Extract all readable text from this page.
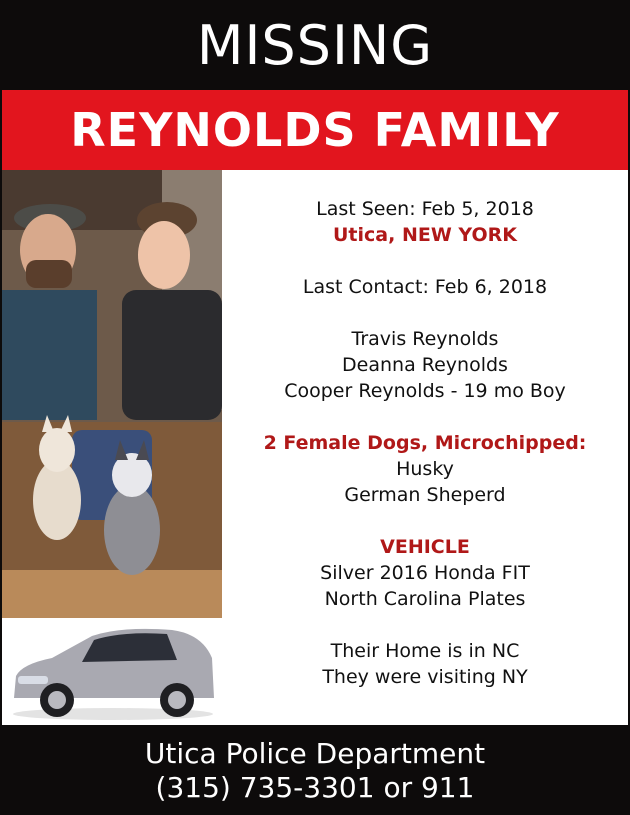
MISSING
REYNOLDS FAMILY
Last Seen: Feb 5, 2018
Utica, NEW YORK
Last Contact: Feb 6, 2018
Travis Reynolds
Deanna Reynolds
Cooper Reynolds - 19 mo Boy
2 Female Dogs, Microchipped:
Husky
German Sheperd
VEHICLE
Silver 2016 Honda FIT
North Carolina Plates
Their Home is in NC
They were visiting NY
Utica Police Department
(315) 735-3301 or 911
